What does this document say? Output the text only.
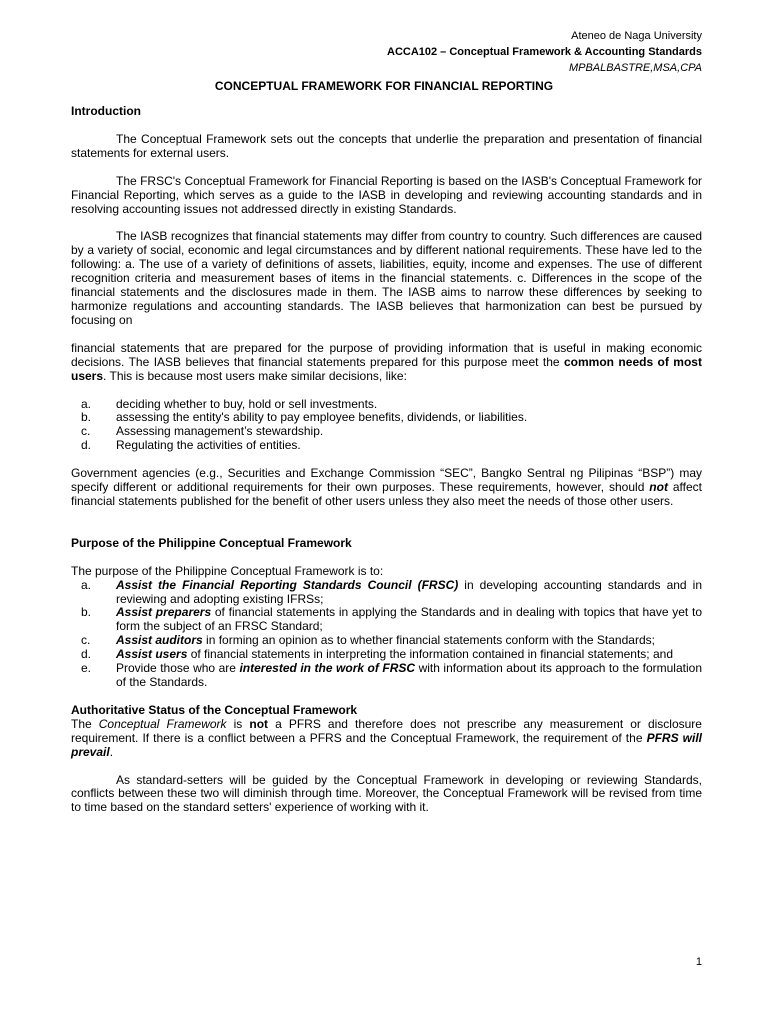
Ateneo de Naga University
ACCA102 – Conceptual Framework & Accounting Standards
MPBALBASTRE,MSA,CPA
CONCEPTUAL FRAMEWORK FOR FINANCIAL REPORTING

Introduction

The Conceptual Framework sets out the concepts that underlie the preparation and presentation of financial statements for external users.

The FRSC's Conceptual Framework for Financial Reporting is based on the IASB's Conceptual Framework for Financial Reporting, which serves as a guide to the IASB in developing and reviewing accounting standards and in resolving accounting issues not addressed directly in existing Standards.

The IASB recognizes that financial statements may differ from country to country. Such differences are caused by a variety of social, economic and legal circumstances and by different national requirements. These have led to the following: a. The use of a variety of definitions of assets, liabilities, equity, income and expenses. The use of different recognition criteria and measurement bases of items in the financial statements. c. Differences in the scope of the financial statements and the disclosures made in them. The IASB aims to narrow these differences by seeking to harmonize regulations and accounting standards. The IASB believes that harmonization can best be pursued by focusing on

financial statements that are prepared for the purpose of providing information that is useful in making economic decisions. The IASB believes that financial statements prepared for this purpose meet the common needs of most users. This is because most users make similar decisions, like:

a.	deciding whether to buy, hold or sell investments.
b.	assessing the entity's ability to pay employee benefits, dividends, or liabilities.
c.	Assessing management’s stewardship.
d.	Regulating the activities of entities.

Government agencies (e.g., Securities and Exchange Commission “SEC”, Bangko Sentral ng Pilipinas “BSP”) may specify different or additional requirements for their own purposes. These requirements, however, should not affect financial statements published for the benefit of other users unless they also meet the needs of those other users.

Purpose of the Philippine Conceptual Framework

The purpose of the Philippine Conceptual Framework is to:

a.	Assist the Financial Reporting Standards Council (FRSC) in developing accounting standards and in reviewing and adopting existing IFRSs;
b.	Assist preparers of financial statements in applying the Standards and in dealing with topics that have yet to form the subject of an FRSC Standard;
c.	Assist auditors in forming an opinion as to whether financial statements conform with the Standards;
d.	Assist users of financial statements in interpreting the information contained in financial statements; and
e.	Provide those who are interested in the work of FRSC with information about its approach to the formulation of the Standards.

Authoritative Status of the Conceptual Framework

The Conceptual Framework is not a PFRS and therefore does not prescribe any measurement or disclosure requirement. If there is a conflict between a PFRS and the Conceptual Framework, the requirement of the PFRS will prevail.

As standard-setters will be guided by the Conceptual Framework in developing or reviewing Standards, conflicts between these two will diminish through time. Moreover, the Conceptual Framework will be revised from time to time based on the standard setters' experience of working with it.

1
